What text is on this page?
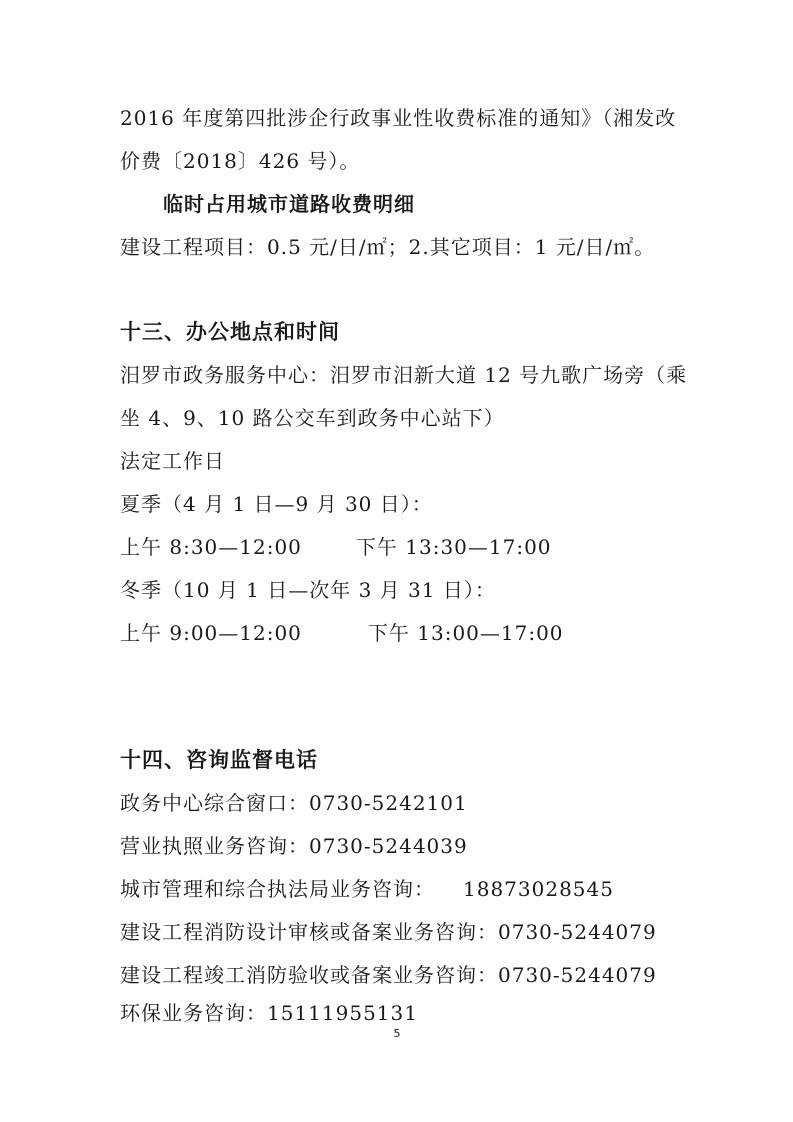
2016 年度第四批涉企行政事业性收费标准的通知》（湘发改
价费〔2018〕426 号）。
临时占用城市道路收费明细
建设工程项目：0.5 元/日/㎡；2.其它项目：1 元/日/㎡。
十三、办公地点和时间
汨罗市政务服务中心：汨罗市汨新大道 12 号九歌广场旁（乘
坐 4、9、10 路公交车到政务中心站下）
法定工作日
夏季（4 月 1 日—9 月 30 日）：
上午 8:30—12:00	下午 13:30—17:00
冬季（10 月 1 日—次年 3 月 31 日）：
上午 9:00—12:00	下午 13:00—17:00
十四、咨询监督电话
政务中心综合窗口：0730-5242101
营业执照业务咨询：0730-5244039
城市管理和综合执法局业务咨询： 18873028545
建设工程消防设计审核或备案业务咨询：0730-5244079
建设工程竣工消防验收或备案业务咨询：0730-5244079
环保业务咨询：15111955131
5
